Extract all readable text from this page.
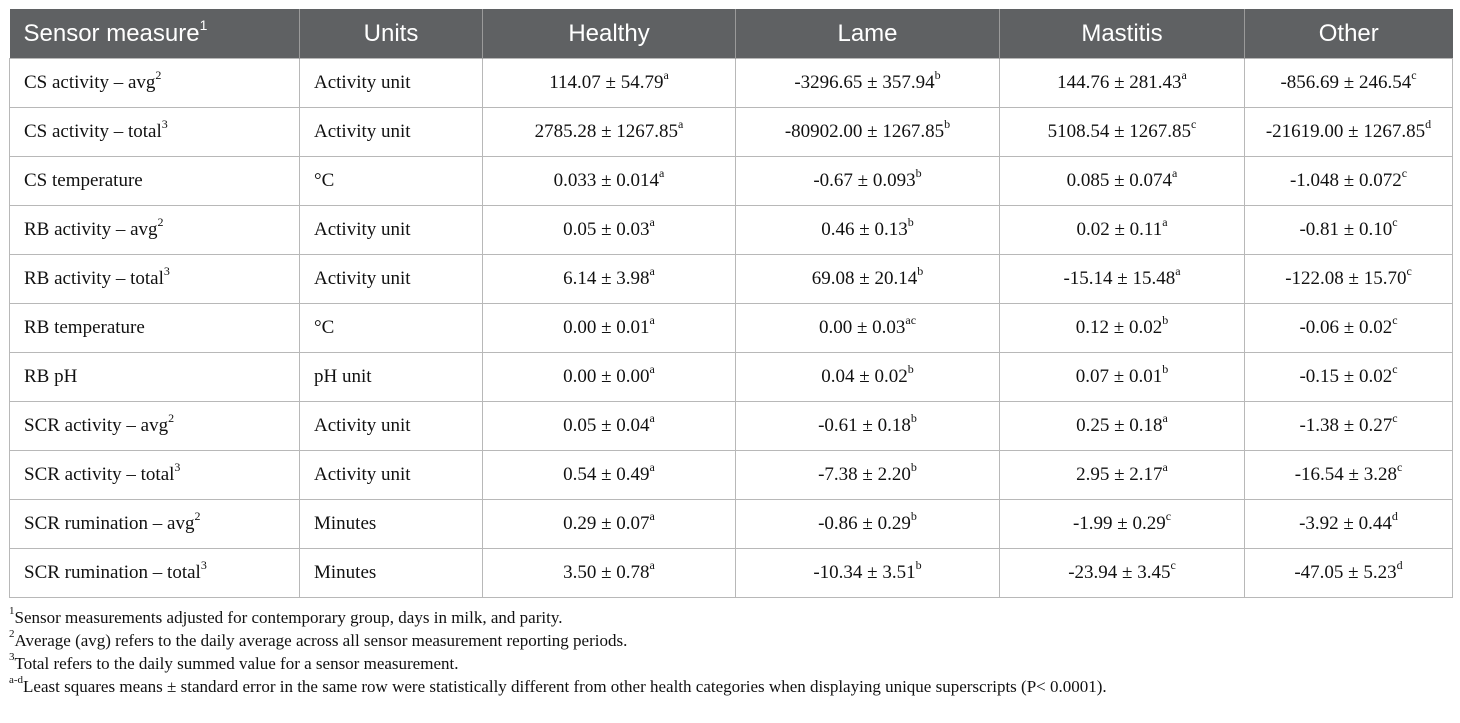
Sensor measure$^1$	Units	Healthy	Lame	Mastitis	Other
CS activity – avg$^2$	Activity unit	114.07 ± 54.79$^a$	-3296.65 ± 357.94$^b$	144.76 ± 281.43$^a$	-856.69 ± 246.54$^c$
CS activity – total$^3$	Activity unit	2785.28 ± 1267.85$^a$	-80902.00 ± 1267.85$^b$	5108.54 ± 1267.85$^c$	-21619.00 ± 1267.85$^d$
CS temperature	°C	0.033 ± 0.014$^a$	-0.67 ± 0.093$^b$	0.085 ± 0.074$^a$	-1.048 ± 0.072$^c$
RB activity – avg$^2$	Activity unit	0.05 ± 0.03$^a$	0.46 ± 0.13$^b$	0.02 ± 0.11$^a$	-0.81 ± 0.10$^c$
RB activity – total$^3$	Activity unit	6.14 ± 3.98$^a$	69.08 ± 20.14$^b$	-15.14 ± 15.48$^a$	-122.08 ± 15.70$^c$
RB temperature	°C	0.00 ± 0.01$^a$	0.00 ± 0.03$^{ac}$	0.12 ± 0.02$^b$	-0.06 ± 0.02$^c$
RB pH	pH unit	0.00 ± 0.00$^a$	0.04 ± 0.02$^b$	0.07 ± 0.01$^b$	-0.15 ± 0.02$^c$
SCR activity – avg$^2$	Activity unit	0.05 ± 0.04$^a$	-0.61 ± 0.18$^b$	0.25 ± 0.18$^a$	-1.38 ± 0.27$^c$
SCR activity – total$^3$	Activity unit	0.54 ± 0.49$^a$	-7.38 ± 2.20$^b$	2.95 ± 2.17$^a$	-16.54 ± 3.28$^c$
SCR rumination – avg$^2$	Minutes	0.29 ± 0.07$^a$	-0.86 ± 0.29$^b$	-1.99 ± 0.29$^c$	-3.92 ± 0.44$^d$
SCR rumination – total$^3$	Minutes	3.50 ± 0.78$^a$	-10.34 ± 3.51$^b$	-23.94 ± 3.45$^c$	-47.05 ± 5.23$^d$
$^1$Sensor measurements adjusted for contemporary group, days in milk, and parity.
$^2$Average (avg) refers to the daily average across all sensor measurement reporting periods.
$^3$Total refers to the daily summed value for a sensor measurement.
$^{a-d}$Least squares means ± standard error in the same row were statistically different from other health categories when displaying unique superscripts (P< 0.0001).
